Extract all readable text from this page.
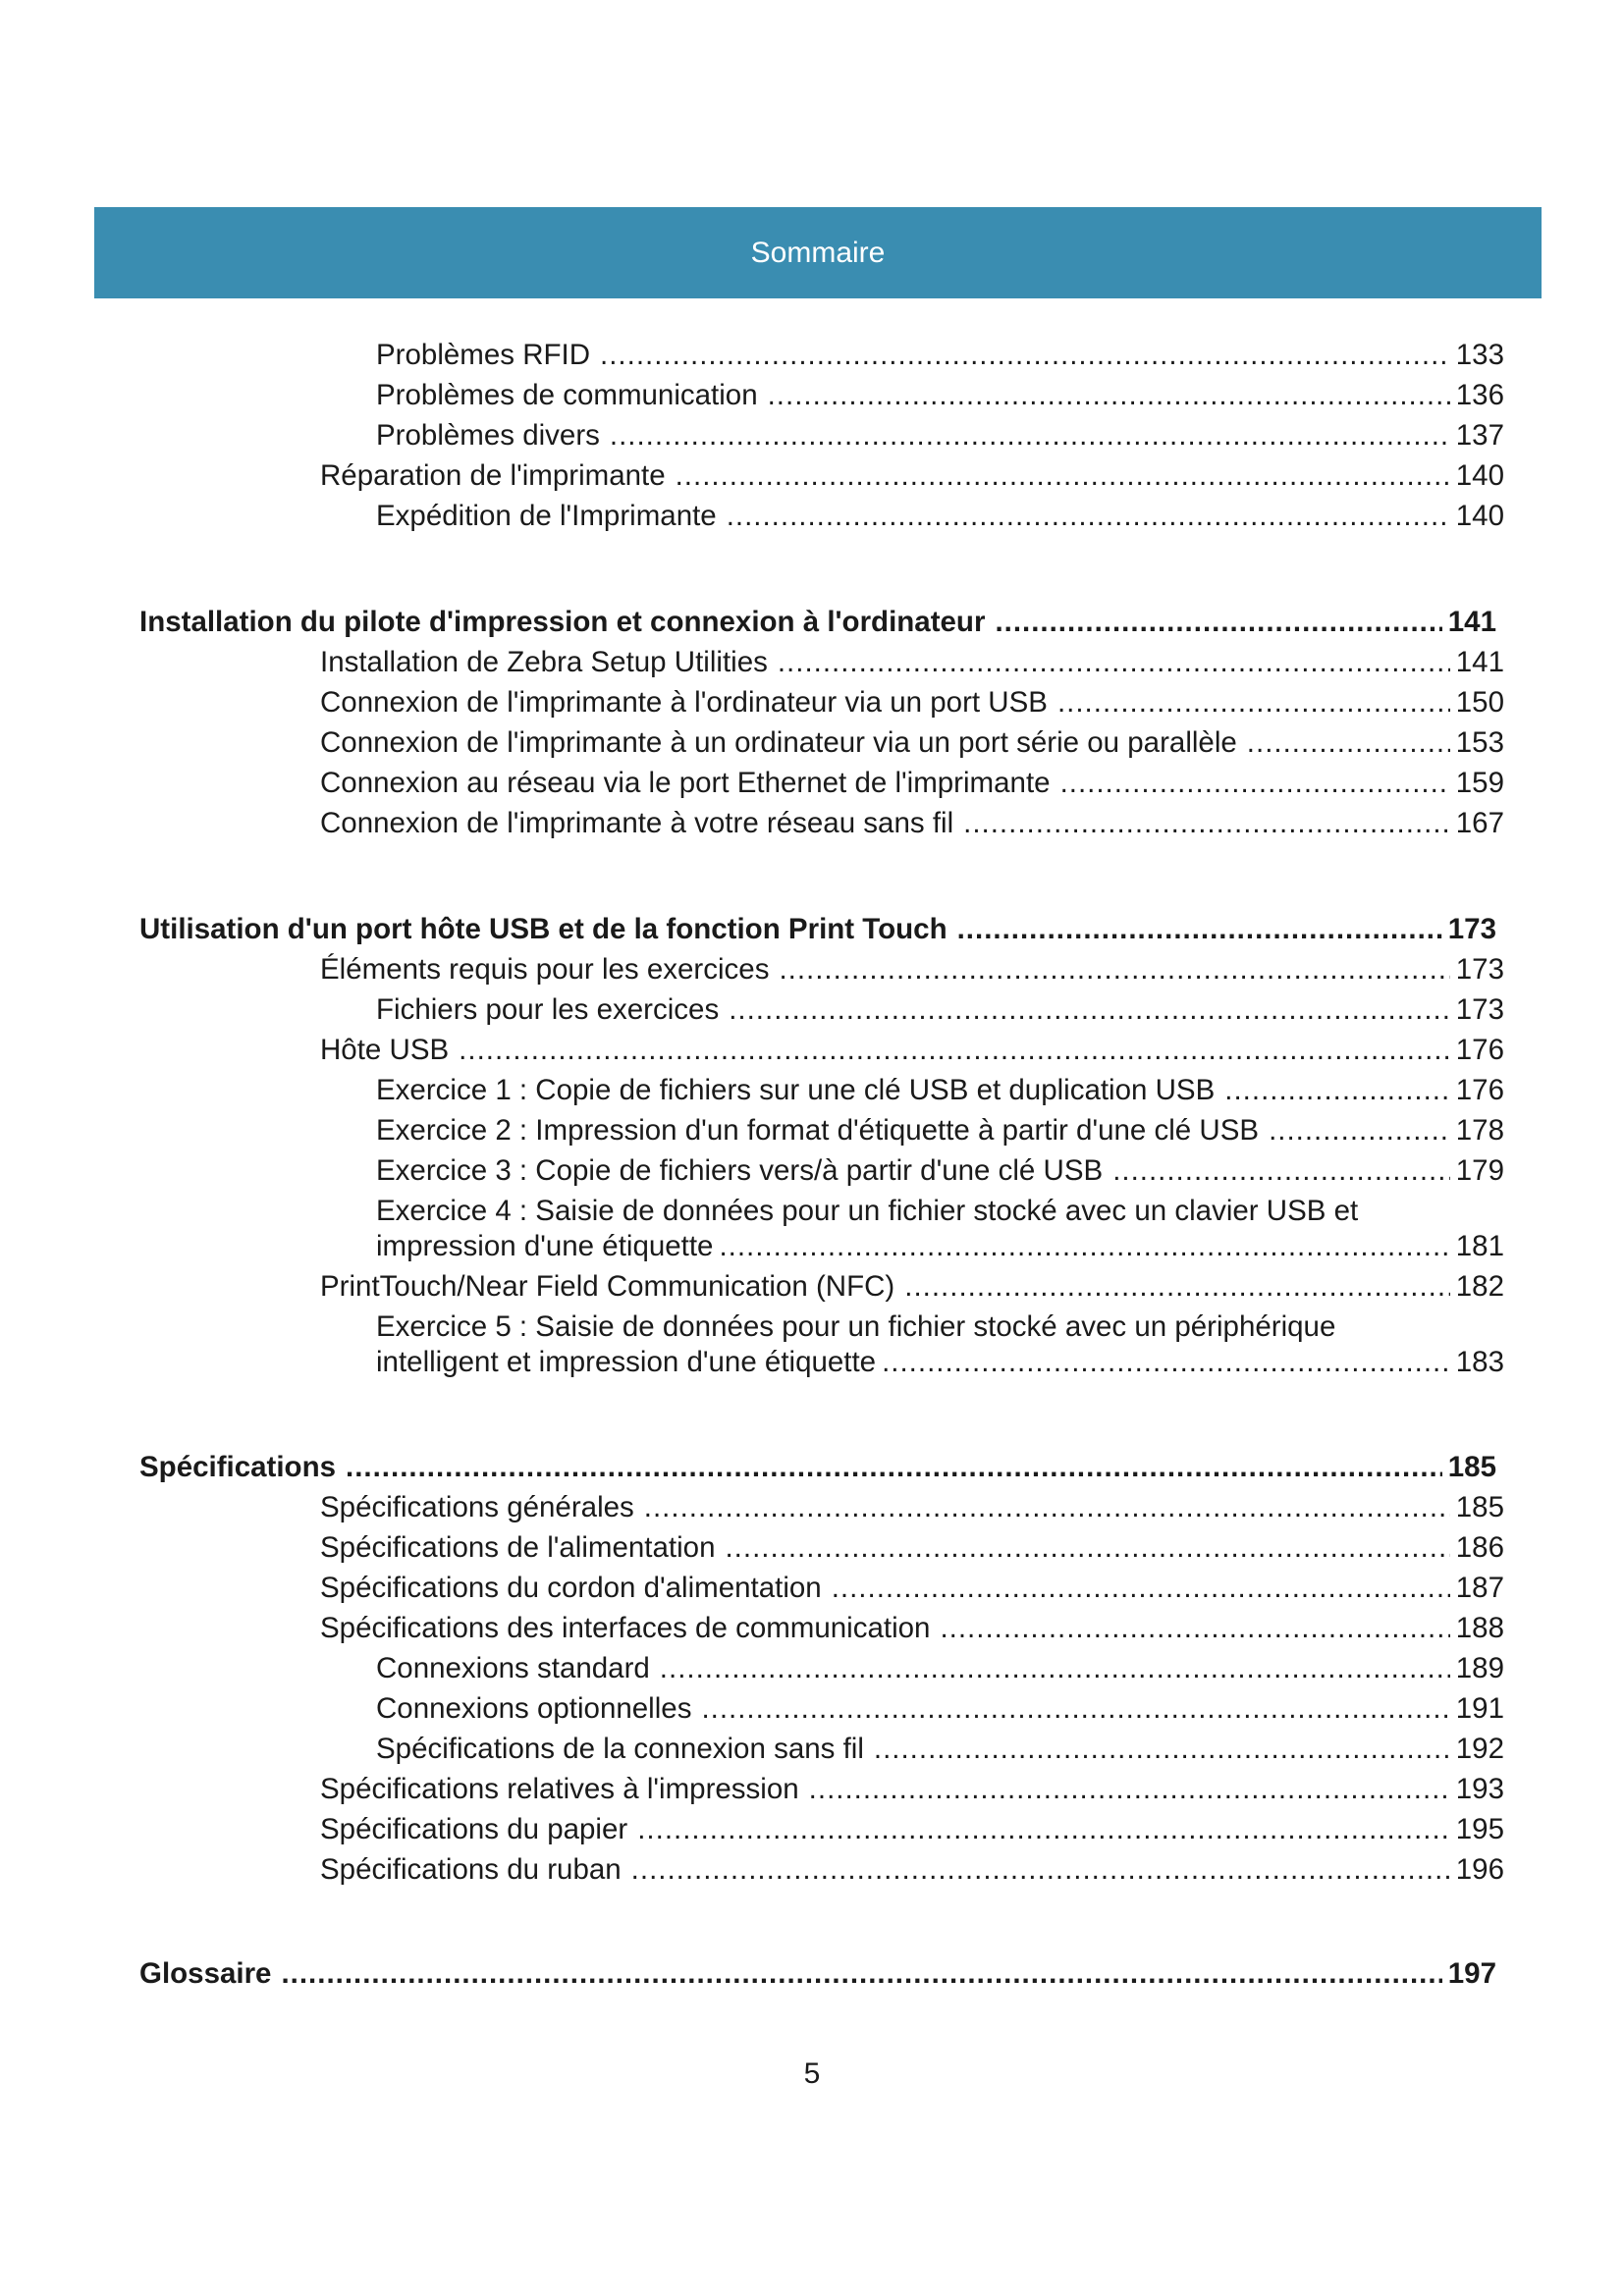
Sommaire
Problèmes RFID .....	133
Problèmes de communication .....	136
Problèmes divers .....	137
Réparation de l'imprimante .....	140
Expédition de l'Imprimante .....	140
Installation du pilote d'impression et connexion à l'ordinateur .....	141
Installation de Zebra Setup Utilities .....	141
Connexion de l'imprimante à l'ordinateur via un port USB .....	150
Connexion de l'imprimante à un ordinateur via un port série ou parallèle .....	153
Connexion au réseau via le port Ethernet de l'imprimante .....	159
Connexion de l'imprimante à votre réseau sans fil .....	167
Utilisation d'un port hôte USB et de la fonction Print Touch .....	173
Éléments requis pour les exercices .....	173
Fichiers pour les exercices .....	173
Hôte USB .....	176
Exercice 1 : Copie de fichiers sur une clé USB et duplication USB .....	176
Exercice 2 : Impression d'un format d'étiquette à partir d'une clé USB .....	178
Exercice 3 : Copie de fichiers vers/à partir d'une clé USB .....	179
Exercice 4 : Saisie de données pour un fichier stocké avec un clavier USB et
impression d'une étiquette .....	181
PrintTouch/Near Field Communication (NFC) .....	182
Exercice 5 : Saisie de données pour un fichier stocké avec un périphérique
intelligent et impression d'une étiquette .....	183
Spécifications .....	185
Spécifications générales .....	185
Spécifications de l'alimentation .....	186
Spécifications du cordon d'alimentation .....	187
Spécifications des interfaces de communication .....	188
Connexions standard .....	189
Connexions optionnelles .....	191
Spécifications de la connexion sans fil .....	192
Spécifications relatives à l'impression .....	193
Spécifications du papier .....	195
Spécifications du ruban .....	196
Glossaire .....	197
5
